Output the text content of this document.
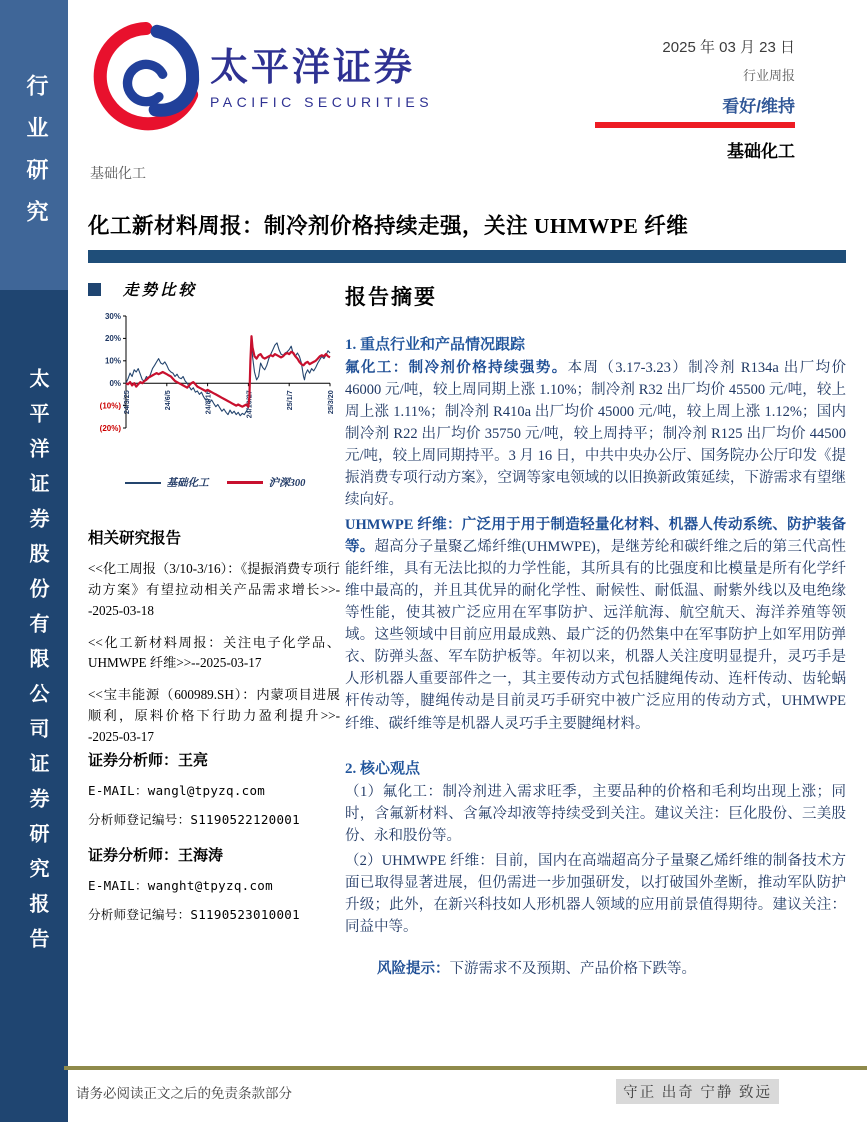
行业研究
太平洋证券股份有限公司证券研究报告
太平洋证券
PACIFIC SECURITIES
基础化工
2025 年 03 月 23 日
行业周报
看好/维持
基础化工
化工新材料周报：制冷剂价格持续走强，关注 UHMWPE 纤维
走势比较
30%
20%
10%
0%
(10%)
(20%)
24/3/25	24/6/5	24/8/16	24/10/27	25/1/7	25/3/20
基础化工	沪深300
相关研究报告
<<化工周报（3/10-3/16）：《提振消费专项行动方案》有望拉动相关产品需求增长>>--2025-03-18
<<化工新材料周报：关注电子化学品、UHMWPE 纤维>>--2025-03-17
<<宝丰能源（600989.SH）：内蒙项目进展顺利，原料价格下行助力盈利提升>>--2025-03-17
证券分析师：王亮
E-MAIL：wangl@tpyzq.com
分析师登记编号：S1190522120001
证券分析师：王海涛
E-MAIL：wanght@tpyzq.com
分析师登记编号：S1190523010001
报告摘要
1. 重点行业和产品情况跟踪

氟化工：制冷剂价格持续强势。本周（3.17-3.23）制冷剂 R134a 出厂均价 46000 元/吨，较上周同期上涨 1.10%；制冷剂 R32 出厂均价 45500 元/吨，较上周上涨 1.11%；制冷剂 R410a 出厂均价 45000 元/吨，较上周上涨 1.12%；国内制冷剂 R22 出厂均价 35750 元/吨，较上周持平；制冷剂 R125 出厂均价 44500 元/吨，较上周同期持平。3 月 16 日，中共中央办公厅、国务院办公厅印发《提振消费专项行动方案》，空调等家电领域的以旧换新政策延续，下游需求有望继续向好。

UHMWPE 纤维：广泛用于用于制造轻量化材料、机器人传动系统、防护装备等。超高分子量聚乙烯纤维(UHMWPE)，是继芳纶和碳纤维之后的第三代高性能纤维，具有无法比拟的力学性能，其所具有的比强度和比模量是所有化学纤维中最高的，并且其优异的耐化学性、耐候性、耐低温、耐紫外线以及电绝缘等性能，使其被广泛应用在军事防护、远洋航海、航空航天、海洋养殖等领域。这些领域中目前应用最成熟、最广泛的仍然集中在军事防护上如军用防弹衣、防弹头盔、军车防护板等。年初以来，机器人关注度明显提升，灵巧手是人形机器人重要部件之一，其主要传动方式包括腱绳传动、连杆传动、齿轮蜗杆传动等，腱绳传动是目前灵巧手研究中被广泛应用的传动方式，UHMWPE 纤维、碳纤维等是机器人灵巧手主要腱绳材料。

2. 核心观点

（1）氟化工：制冷剂进入需求旺季，主要品种的价格和毛利均出现上涨；同时，含氟新材料、含氟冷却液等持续受到关注。建议关注：巨化股份、三美股份、永和股份等。

（2）UHMWPE 纤维：目前，国内在高端超高分子量聚乙烯纤维的制备技术方面已取得显著进展，但仍需进一步加强研发，以打破国外垄断，推动军队防护升级；此外，在新兴科技如人形机器人领域的应用前景值得期待。建议关注：同益中等。

风险提示：下游需求不及预期、产品价格下跌等。

请务必阅读正文之后的免责条款部分	守正 出奇 宁静 致远
